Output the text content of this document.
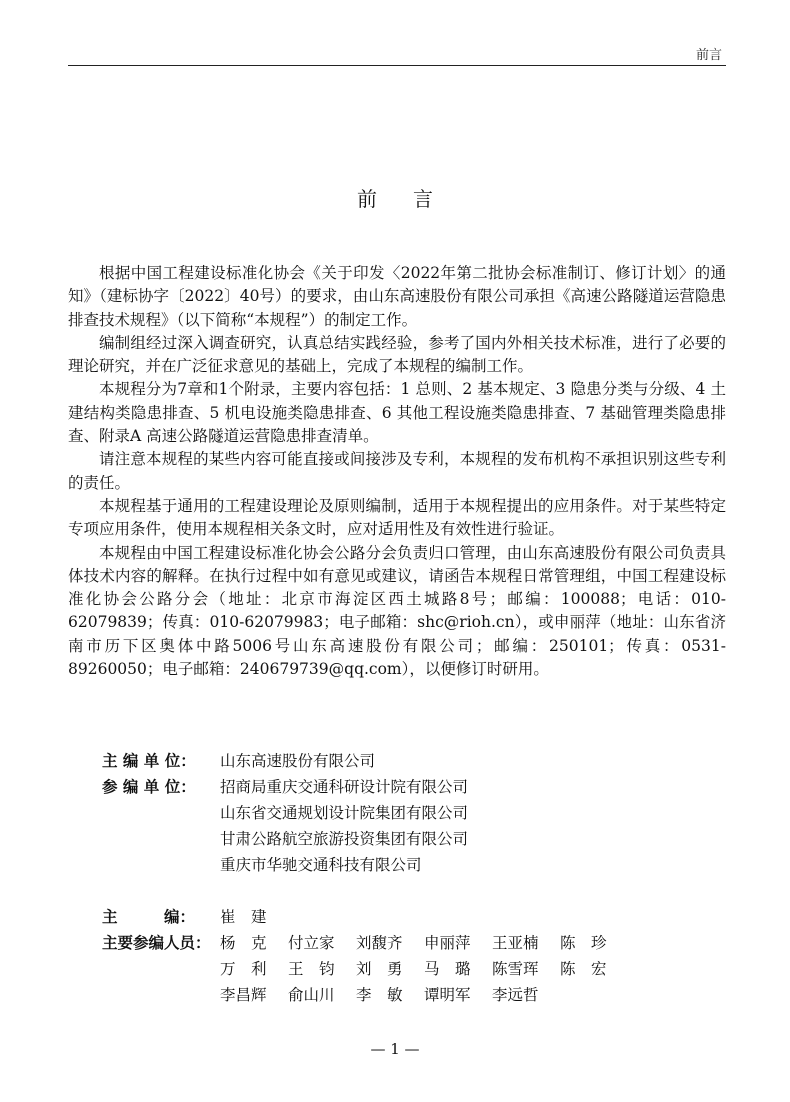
前言
前言

根据中国工程建设标准化协会《关于印发〈2022年第二批协会标准制订、修订计划〉的通知》（建标协字〔2022〕40号）的要求，由山东高速股份有限公司承担《高速公路隧道运营隐患排查技术规程》（以下简称“本规程”）的制定工作。

编制组经过深入调查研究，认真总结实践经验，参考了国内外相关技术标准，进行了必要的理论研究，并在广泛征求意见的基础上，完成了本规程的编制工作。

本规程分为7章和1个附录，主要内容包括：1 总则、2 基本规定、3 隐患分类与分级、4 土建结构类隐患排查、5 机电设施类隐患排查、6 其他工程设施类隐患排查、7 基础管理类隐患排查、附录A 高速公路隧道运营隐患排查清单。

请注意本规程的某些内容可能直接或间接涉及专利，本规程的发布机构不承担识别这些专利的责任。

本规程基于通用的工程建设理论及原则编制，适用于本规程提出的应用条件。对于某些特定专项应用条件，使用本规程相关条文时，应对适用性及有效性进行验证。

本规程由中国工程建设标准化协会公路分会负责归口管理，由山东高速股份有限公司负责具体技术内容的解释。在执行过程中如有意见或建议，请函告本规程日常管理组，中国工程建设标准化协会公路分会（地址：北京市海淀区西土城路8号；邮编：100088；电话：010-62079839；传真：010-62079983；电子邮箱：shc@rioh.cn），或申丽萍（地址：山东省济南市历下区奥体中路5006号山东高速股份有限公司；邮编：250101；传真：0531-89260050；电子邮箱：240679739@qq.com），以便修订时研用。

主 编 单 位：	山东高速股份有限公司
参 编 单 位：	招商局重庆交通科研设计院有限公司
山东省交通规划设计院集团有限公司
甘肃公路航空旅游投资集团有限公司
重庆市华驰交通科技有限公司
主　　　编：	崔　建
主要参编人员： 杨　克	付立家	刘馥齐	申丽萍	王亚楠	陈　珍
万　利	王　钧	刘　勇	马　璐	陈雪珲	陈　宏
李昌辉	俞山川	李　敏	谭明军	李远哲
— 1 —
